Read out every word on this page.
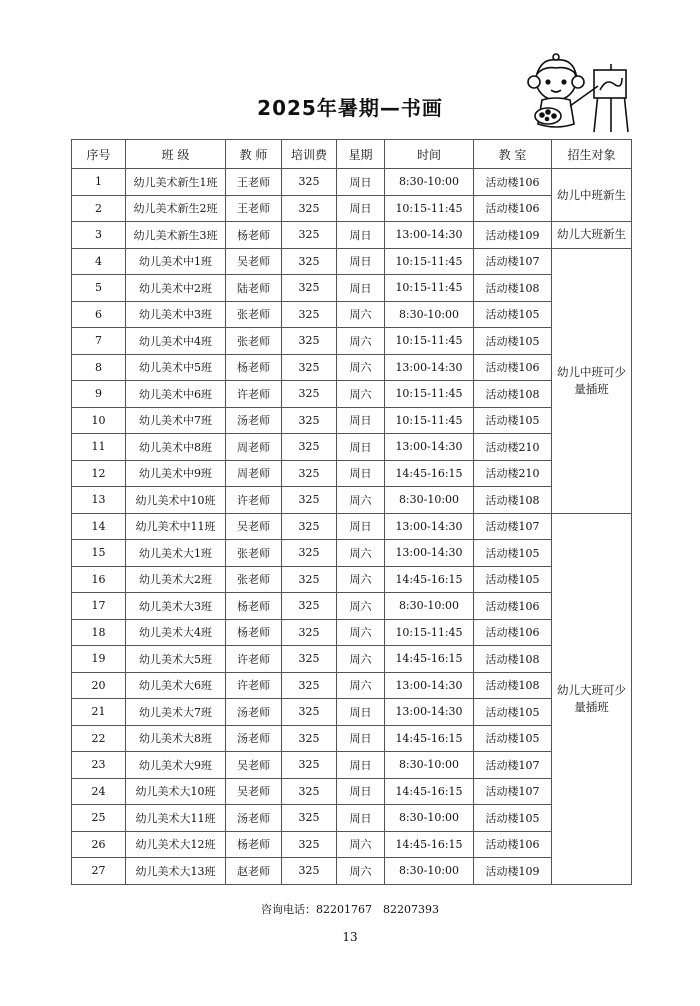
2025年暑期—书画
序号	班 级	教 师	培训费	星期	时间	教 室	招生对象
1	幼儿美术新生1班	王老师	325	周日	8:30-10:00	活动楼106	幼儿中班新生
2	幼儿美术新生2班	王老师	325	周日	10:15-11:45	活动楼106	
3	幼儿美术新生3班	杨老师	325	周日	13:00-14:30	活动楼109	幼儿大班新生
4	幼儿美术中1班	吴老师	325	周日	10:15-11:45	活动楼107	幼儿中班可少量插班
5	幼儿美术中2班	陆老师	325	周日	10:15-11:45	活动楼108	
6	幼儿美术中3班	张老师	325	周六	8:30-10:00	活动楼105	
7	幼儿美术中4班	张老师	325	周六	10:15-11:45	活动楼105	
8	幼儿美术中5班	杨老师	325	周六	13:00-14:30	活动楼106	
9	幼儿美术中6班	许老师	325	周六	10:15-11:45	活动楼108	
10	幼儿美术中7班	汤老师	325	周日	10:15-11:45	活动楼105	
11	幼儿美术中8班	周老师	325	周日	13:00-14:30	活动楼210	
12	幼儿美术中9班	周老师	325	周日	14:45-16:15	活动楼210	
13	幼儿美术中10班	许老师	325	周六	8:30-10:00	活动楼108	
14	幼儿美术中11班	吴老师	325	周日	13:00-14:30	活动楼107	幼儿大班可少量插班
15	幼儿美术大1班	张老师	325	周六	13:00-14:30	活动楼105	
16	幼儿美术大2班	张老师	325	周六	14:45-16:15	活动楼105	
17	幼儿美术大3班	杨老师	325	周六	8:30-10:00	活动楼106	
18	幼儿美术大4班	杨老师	325	周六	10:15-11:45	活动楼106	
19	幼儿美术大5班	许老师	325	周六	14:45-16:15	活动楼108	
20	幼儿美术大6班	许老师	325	周六	13:00-14:30	活动楼108	
21	幼儿美术大7班	汤老师	325	周日	13:00-14:30	活动楼105	
22	幼儿美术大8班	汤老师	325	周日	14:45-16:15	活动楼105	
23	幼儿美术大9班	吴老师	325	周日	8:30-10:00	活动楼107	
24	幼儿美术大10班	吴老师	325	周日	14:45-16:15	活动楼107	
25	幼儿美术大11班	汤老师	325	周日	8:30-10:00	活动楼105	
26	幼儿美术大12班	杨老师	325	周六	14:45-16:15	活动楼106	
27	幼儿美术大13班	赵老师	325	周六	8:30-10:00	活动楼109	
咨询电话：82201767　82207393
13
